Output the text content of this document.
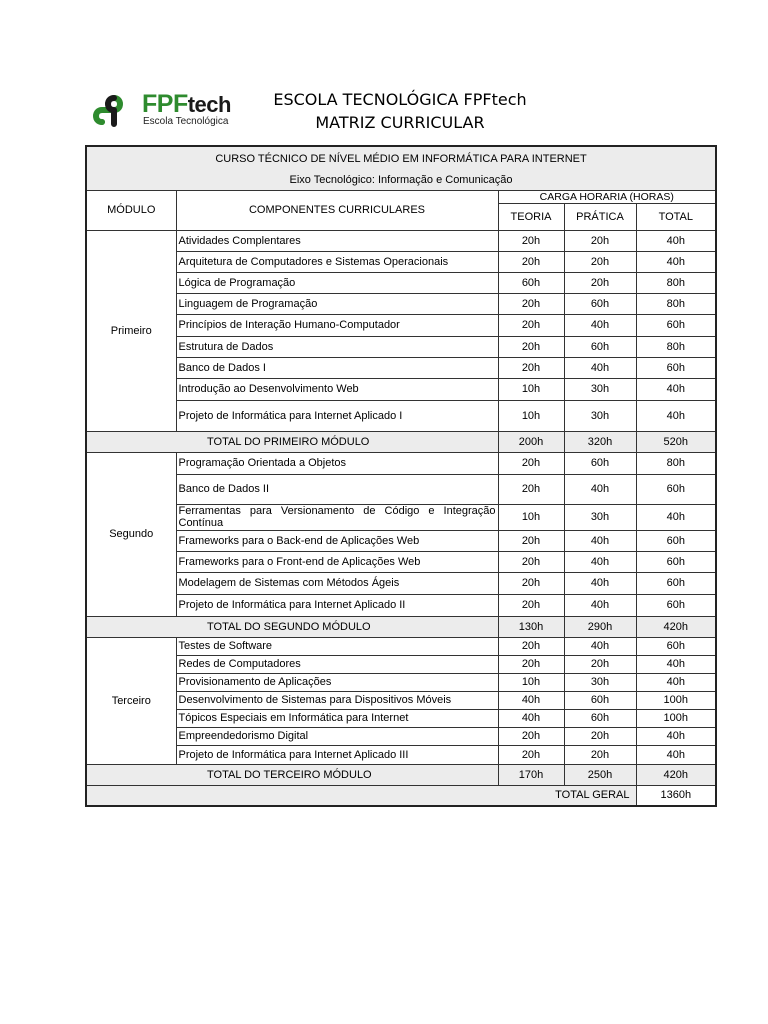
FPFtech
Escola Tecnológica
ESCOLA TECNOLÓGICA FPFtech
MATRIZ CURRICULAR
CURSO TÉCNICO DE NÍVEL MÉDIO EM INFORMÁTICA PARA INTERNET				
Eixo Tecnológico: Informação e Comunicação				
MÓDULO	COMPONENTES CURRICULARES	CARGA HORARIA (HORAS)		
		TEORIA	PRÁTICA	TOTAL
Primeiro	Atividades Complentares	20h	20h	40h
	Arquitetura de Computadores e Sistemas Operacionais	20h	20h	40h
	Lógica de Programação	60h	20h	80h
	Linguagem de Programação	20h	60h	80h
	Princípios de Interação Humano-Computador	20h	40h	60h
	Estrutura de Dados	20h	60h	80h
	Banco de Dados I	20h	40h	60h
	Introdução ao Desenvolvimento Web	10h	30h	40h
	Projeto de Informática para Internet Aplicado I	10h	30h	40h
TOTAL DO PRIMEIRO MÓDULO		200h	320h	520h
Segundo	Programação Orientada a Objetos	20h	60h	80h
	Banco de Dados II	20h	40h	60h
	Ferramentas para Versionamento de Código e Integração Contínua	10h	30h	40h
	Frameworks para o Back-end de Aplicações Web	20h	40h	60h
	Frameworks para o Front-end de Aplicações Web	20h	40h	60h
	Modelagem de Sistemas com Métodos Ágeis	20h	40h	60h
	Projeto de Informática para Internet Aplicado II	20h	40h	60h
TOTAL DO SEGUNDO MÓDULO		130h	290h	420h
Terceiro	Testes de Software	20h	40h	60h
	Redes de Computadores	20h	20h	40h
	Provisionamento de Aplicações	10h	30h	40h
	Desenvolvimento de Sistemas para Dispositivos Móveis	40h	60h	100h
	Tópicos Especiais em Informática para Internet	40h	60h	100h
	Empreendedorismo Digital	20h	20h	40h
	Projeto de Informática para Internet Aplicado III	20h	20h	40h
TOTAL DO TERCEIRO MÓDULO		170h	250h	420h
TOTAL GERAL				1360h
